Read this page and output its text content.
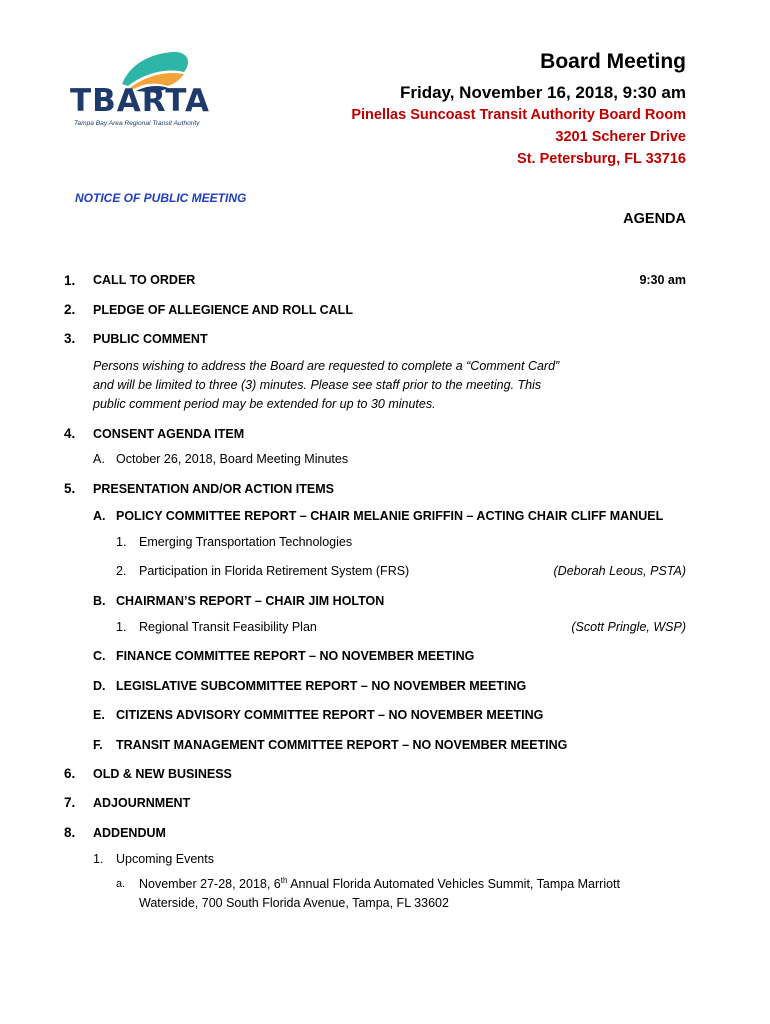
TBARTA
Tampa Bay Area Regional Transit Authority
Board Meeting
Friday, November 16, 2018, 9:30 am
Pinellas Suncoast Transit Authority Board Room
3201 Scherer Drive
St. Petersburg, FL 33716
NOTICE OF PUBLIC MEETING
AGENDA
1. CALL TO ORDER	9:30 am
2. PLEDGE OF ALLEGIENCE AND ROLL CALL
3. PUBLIC COMMENT
Persons wishing to address the Board are requested to complete a “Comment Card”
and will be limited to three (3) minutes. Please see staff prior to the meeting. This
public comment period may be extended for up to 30 minutes.
4. CONSENT AGENDA ITEM
A. October 26, 2018, Board Meeting Minutes
5. PRESENTATION AND/OR ACTION ITEMS
A. POLICY COMMITTEE REPORT – CHAIR MELANIE GRIFFIN – ACTING CHAIR CLIFF MANUEL
1. Emerging Transportation Technologies
2. Participation in Florida Retirement System (FRS)	(Deborah Leous, PSTA)
B. CHAIRMAN’S REPORT – CHAIR JIM HOLTON
1. Regional Transit Feasibility Plan	(Scott Pringle, WSP)
C. FINANCE COMMITTEE REPORT – NO NOVEMBER MEETING
D. LEGISLATIVE SUBCOMMITTEE REPORT – NO NOVEMBER MEETING
E. CITIZENS ADVISORY COMMITTEE REPORT – NO NOVEMBER MEETING
F. TRANSIT MANAGEMENT COMMITTEE REPORT – NO NOVEMBER MEETING
6. OLD & NEW BUSINESS
7. ADJOURNMENT
8. ADDENDUM
1. Upcoming Events
a. November 27-28, 2018, 6th Annual Florida Automated Vehicles Summit, Tampa Marriott
Waterside, 700 South Florida Avenue, Tampa, FL 33602
